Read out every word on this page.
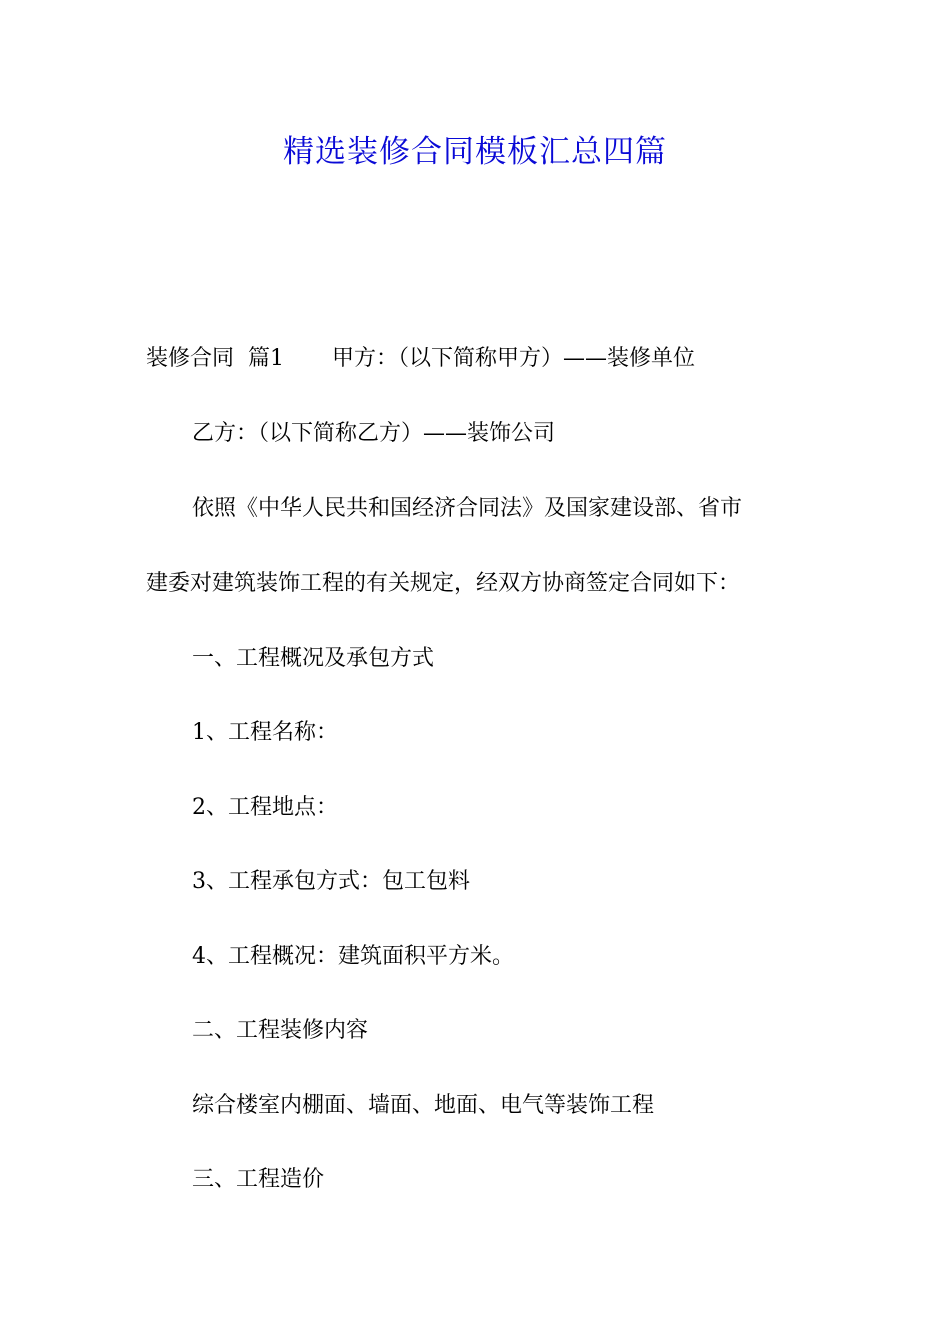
精选装修合同模板汇总四篇

装修合同  篇1 甲方：（以下简称甲方）——装修单位

乙方：（以下简称乙方）——装饰公司

依照《中华人民共和国经济合同法》及国家建设部、省市

建委对建筑装饰工程的有关规定，经双方协商签定合同如下：

一、工程概况及承包方式

1、工程名称：

2、工程地点：

3、工程承包方式：包工包料

4、工程概况：建筑面积平方米。

二、工程装修内容

综合楼室内棚面、墙面、地面、电气等装饰工程

三、工程造价
